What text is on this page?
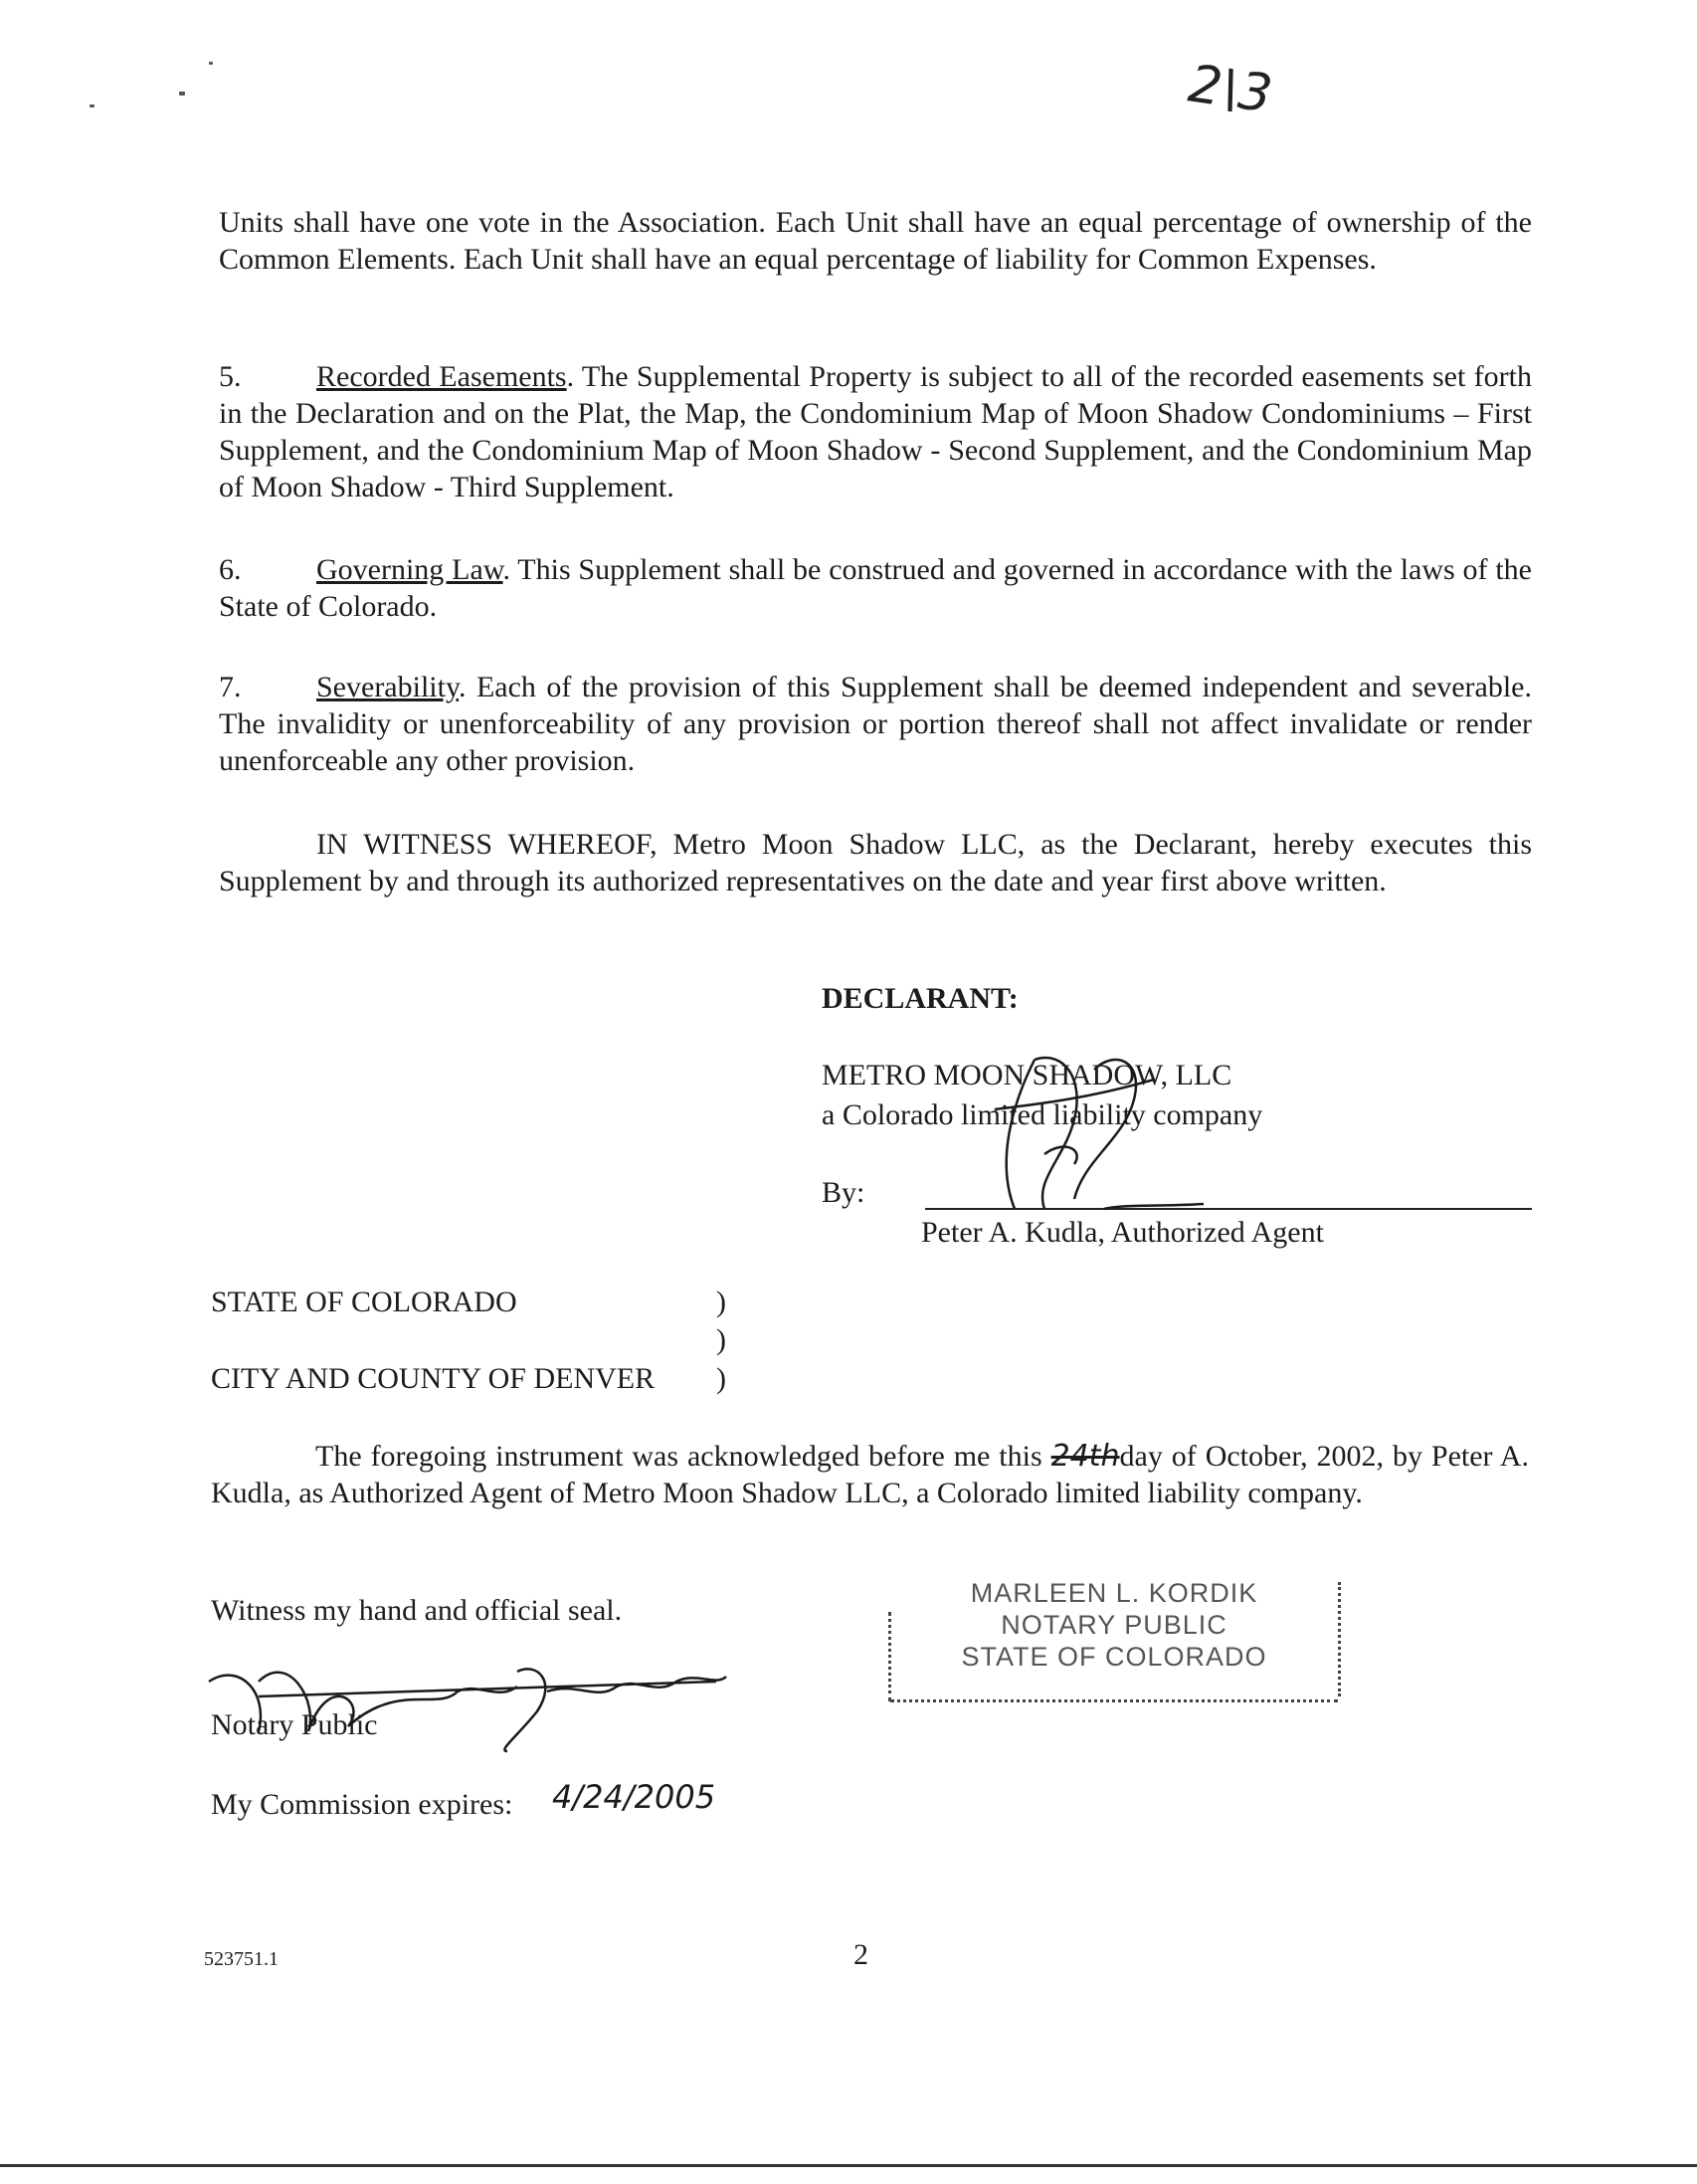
2\3

Units shall have one vote in the Association. Each Unit shall have an equal percentage of ownership of the Common Elements. Each Unit shall have an equal percentage of liability for Common Expenses.

5.	Recorded Easements. The Supplemental Property is subject to all of the recorded easements set forth in the Declaration and on the Plat, the Map, the Condominium Map of Moon Shadow Condominiums – First Supplement, and the Condominium Map of Moon Shadow - Second Supplement, and the Condominium Map of Moon Shadow - Third Supplement.

6.	Governing Law. This Supplement shall be construed and governed in accordance with the laws of the State of Colorado.

7.	Severability. Each of the provision of this Supplement shall be deemed independent and severable. The invalidity or unenforceability of any provision or portion thereof shall not affect invalidate or render unenforceable any other provision.

IN WITNESS WHEREOF, Metro Moon Shadow LLC, as the Declarant, hereby executes this Supplement by and through its authorized representatives on the date and year first above written.

DECLARANT:
METRO MOON SHADOW, LLC
a Colorado limited liability company
By:
Peter A. Kudla, Authorized Agent
STATE OF COLORADO	)
)
CITY AND COUNTY OF DENVER )

The foregoing instrument was acknowledged before me this 24thday of October, 2002, by Peter A. Kudla, as Authorized Agent of Metro Moon Shadow LLC, a Colorado limited liability company.

Witness my hand and official seal.
Notary Public
My Commission expires: 4/24/2005
MARLEEN L. KORDIK
NOTARY PUBLIC
STATE OF COLORADO
523751.1	2
